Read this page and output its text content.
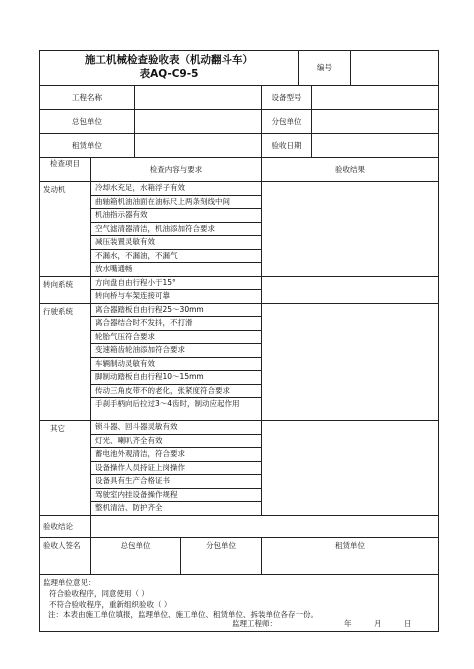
施工机械检查验收表（机动翻斗车）
表AQ-C9-5
编号
工程名称	设备型号
总包单位	分包单位
租赁单位	验收日期
检查项目
检查内容与要求	验收结果
发动机	冷却水充足，水箱浮子有效
曲轴箱机油油面在油标尺上两条刻线中间
机油指示器有效
空气滤清器清洁，机油添加符合要求
减压装置灵敏有效
不漏水，不漏油，不漏气
放水嘴通畅
转向系统	方向盘自由行程小于15°
转向桥与车架连接可靠
行驶系统	离合器踏板自由行程25～30mm
离合器结合时不发抖，不打滑
轮胎气压符合要求
变速箱齿轮油添加符合要求
车辆制动灵敏有效
脚制动踏板自由行程10～15mm
传动三角皮带不的老化，张紧度符合要求
手刹手柄向后拉过3～4齿时，制动应起作用
其它	锁斗器、回斗器灵敏有效
灯光、喇叭齐全有效
蓄电池外观清洁，符合要求
设备操作人员持证上岗操作
设备具有生产合格证书
驾驶室内挂设备操作规程
整机清洁、防护齐全
验收结论
验收人签名	总包单位	分包单位	租赁单位
监理单位意见：
符合验收程序，同意使用（ ）
不符合验收程序，重新组织验收（ ）
监理工程师：	年	月	日
注：本表由施工单位填报，监理单位、施工单位、租赁单位、拆装单位各存一份。
